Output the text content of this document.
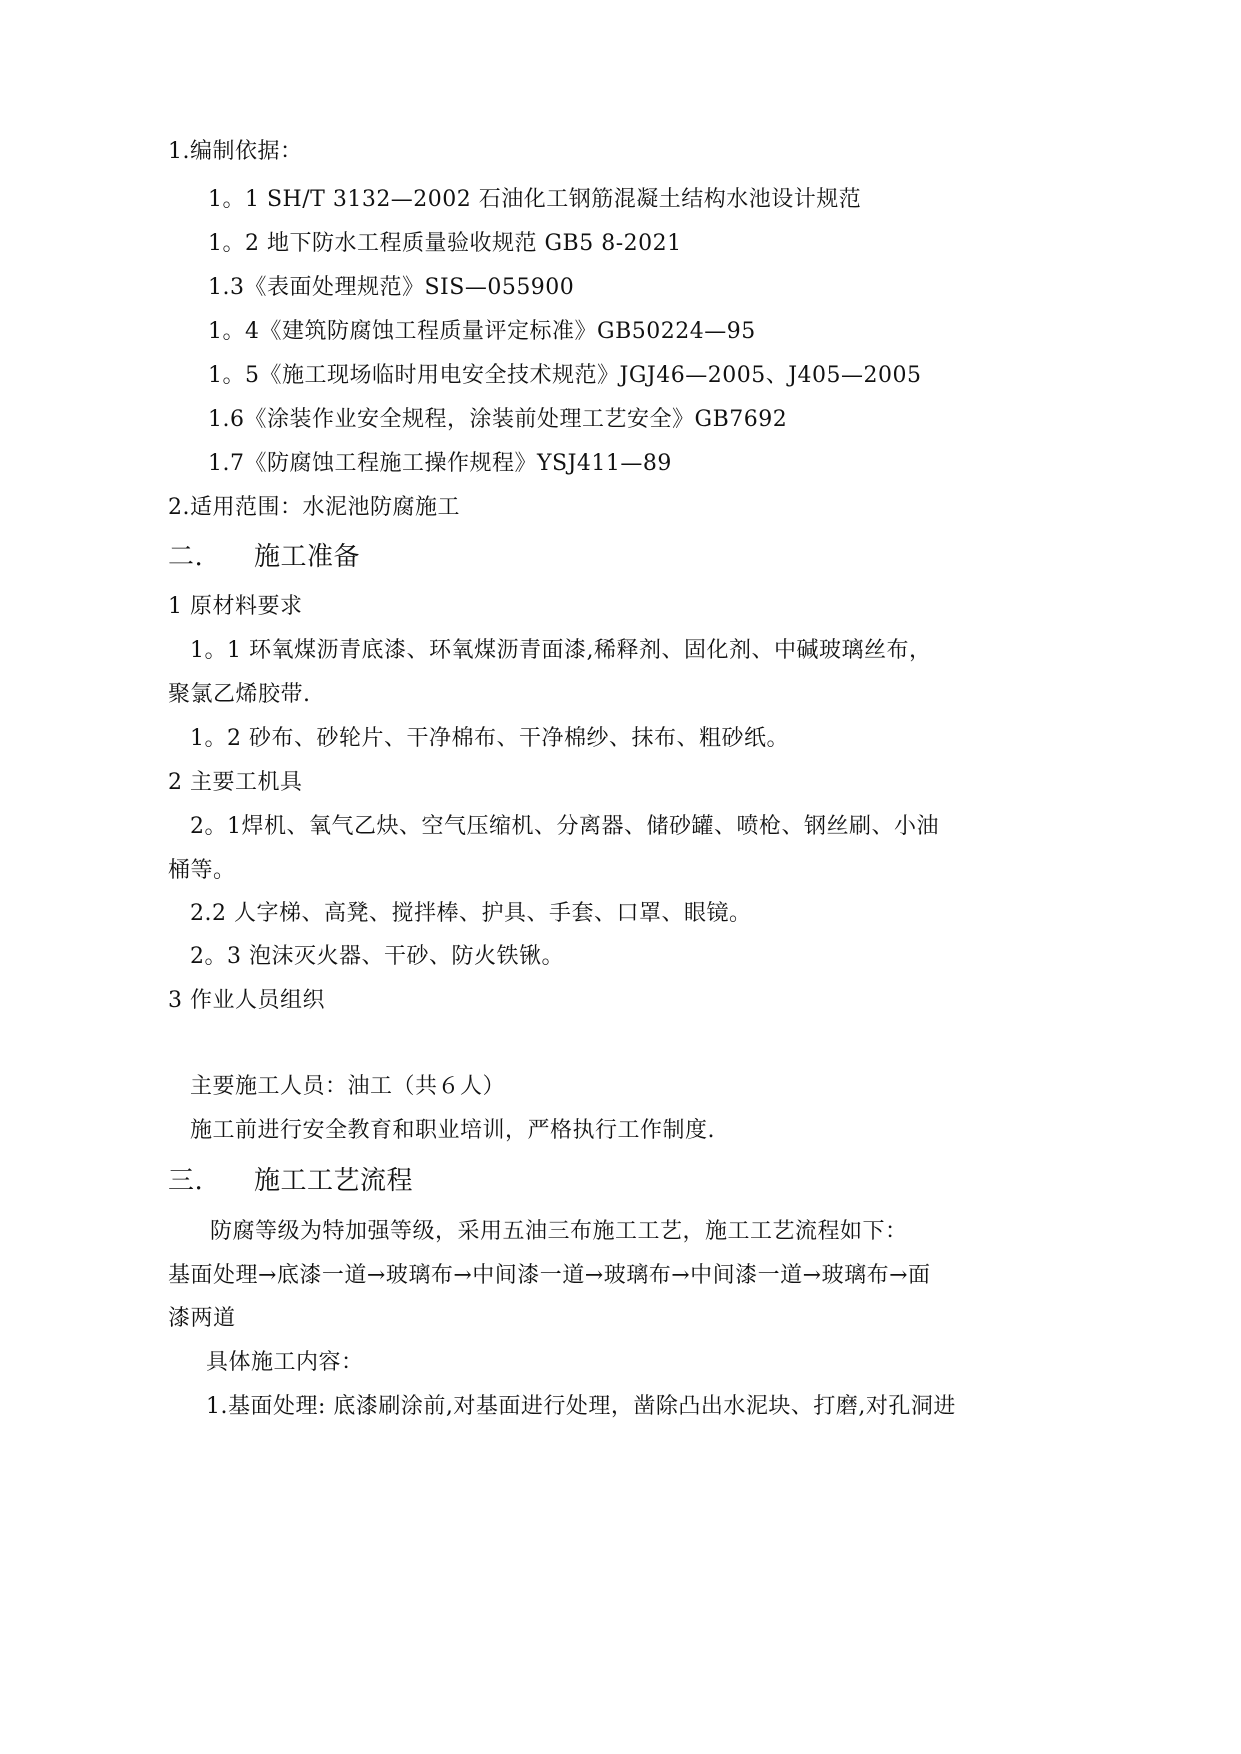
1.编制依据：
1。1 SH/T 3132—2002 石油化工钢筋混凝土结构水池设计规范
1。2 地下防水工程质量验收规范 GB5 8-2021
1.3《表面处理规范》SIS—055900
1。4《建筑防腐蚀工程质量评定标准》GB50224—95
1。5《施工现场临时用电安全技术规范》JGJ46—2005、J405—2005
1.6《涂装作业安全规程，涂装前处理工艺安全》GB7692
1.7《防腐蚀工程施工操作规程》YSJ411—89
2.适用范围：水泥池防腐施工
二. 施工准备
1 原材料要求
1。1 环氧煤沥青底漆、环氧煤沥青面漆,稀释剂、固化剂、中碱玻璃丝布，
聚氯乙烯胶带.
1。2 砂布、砂轮片、干净棉布、干净棉纱、抹布、粗砂纸。
2 主要工机具
2。1焊机、氧气乙炔、空气压缩机、分离器、储砂罐、喷枪、钢丝刷、小油
桶等。
2.2 人字梯、高凳、搅拌棒、护具、手套、口罩、眼镜。
2。3 泡沫灭火器、干砂、防火铁锹。
3 作业人员组织
主要施工人员：油工（共６人）
施工前进行安全教育和职业培训，严格执行工作制度.
三. 施工工艺流程
防腐等级为特加强等级，采用五油三布施工工艺，施工工艺流程如下：
基面处理→底漆一道→玻璃布→中间漆一道→玻璃布→中间漆一道→玻璃布→面
漆两道
具体施工内容：
1.基面处理: 底漆刷涂前,对基面进行处理，凿除凸出水泥块、打磨,对孔洞进
